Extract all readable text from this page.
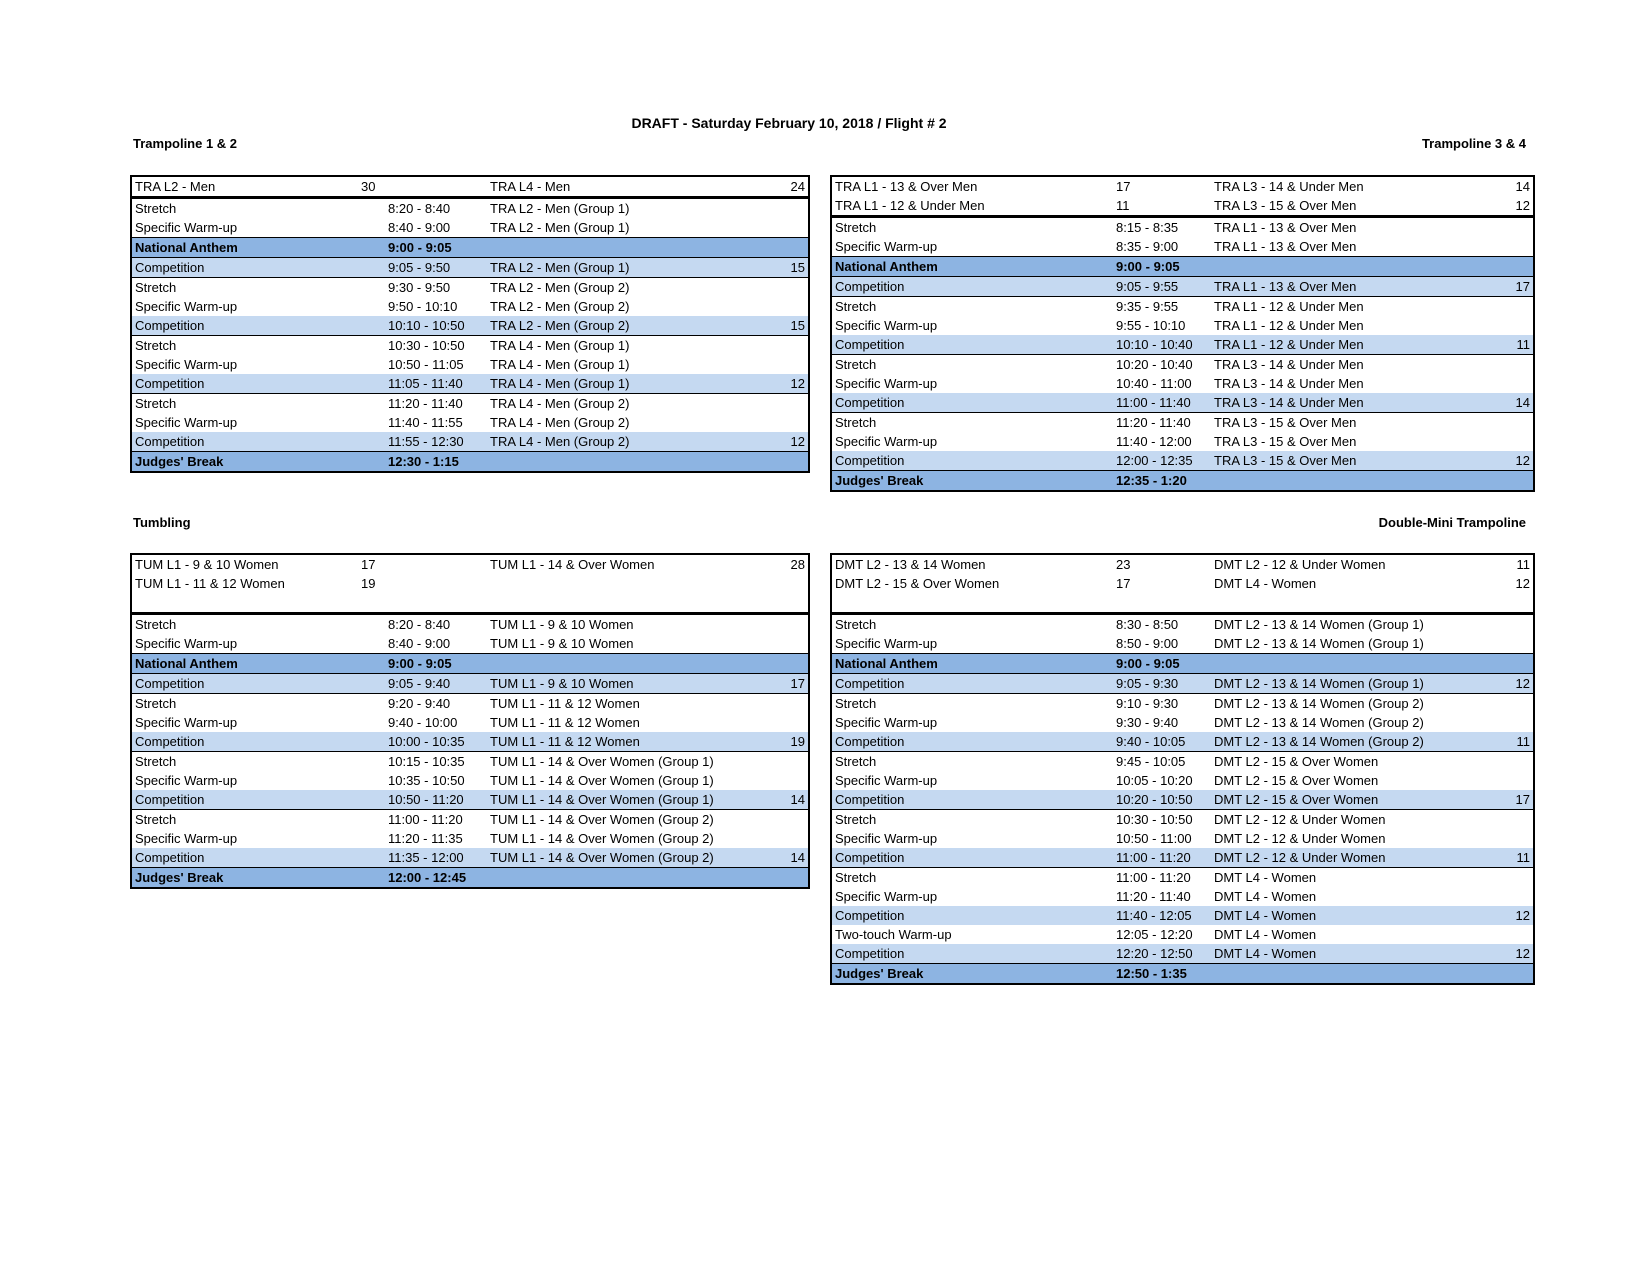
DRAFT - Saturday February 10, 2018 / Flight # 2
Trampoline 1 & 2	Trampoline 3 & 4
Tumbling	Double-Mini Trampoline
TRA L2 - Men	30	TRA L4 - Men	24
Stretch	8:20 - 8:40	TRA L2 - Men (Group 1)	
Specific Warm-up	8:40 - 9:00	TRA L2 - Men (Group 1)	
National Anthem	9:00 - 9:05		
Competition	9:05 - 9:50	TRA L2 - Men (Group 1)	15
Stretch	9:30 - 9:50	TRA L2 - Men (Group 2)	
Specific Warm-up	9:50 - 10:10	TRA L2 - Men (Group 2)	
Competition	10:10 - 10:50	TRA L2 - Men (Group 2)	15
Stretch	10:30 - 10:50	TRA L4 - Men (Group 1)	
Specific Warm-up	10:50 - 11:05	TRA L4 - Men (Group 1)	
Competition	11:05 - 11:40	TRA L4 - Men (Group 1)	12
Stretch	11:20 - 11:40	TRA L4 - Men (Group 2)	
Specific Warm-up	11:40 - 11:55	TRA L4 - Men (Group 2)	
Competition	11:55 - 12:30	TRA L4 - Men (Group 2)	12
Judges' Break	12:30 - 1:15		
TRA L1 - 13 & Over Men	17	TRA L3 - 14 & Under Men	14
TRA L1 - 12 & Under Men	11	TRA L3 - 15 & Over Men	12
Stretch	8:15 - 8:35	TRA L1 - 13 & Over Men	
Specific Warm-up	8:35 - 9:00	TRA L1 - 13 & Over Men	
National Anthem	9:00 - 9:05		
Competition	9:05 - 9:55	TRA L1 - 13 & Over Men	17
Stretch	9:35 - 9:55	TRA L1 - 12 & Under Men	
Specific Warm-up	9:55 - 10:10	TRA L1 - 12 & Under Men	
Competition	10:10 - 10:40	TRA L1 - 12 & Under Men	11
Stretch	10:20 - 10:40	TRA L3 - 14 & Under Men	
Specific Warm-up	10:40 - 11:00	TRA L3 - 14 & Under Men	
Competition	11:00 - 11:40	TRA L3 - 14 & Under Men	14
Stretch	11:20 - 11:40	TRA L3 - 15 & Over Men	
Specific Warm-up	11:40 - 12:00	TRA L3 - 15 & Over Men	
Competition	12:00 - 12:35	TRA L3 - 15 & Over Men	12
Judges' Break	12:35 - 1:20		
TUM L1 - 9 & 10 Women	17	TUM L1 - 14 & Over Women	28
TUM L1 - 11 & 12 Women	19		

Stretch	8:20 - 8:40	TUM L1 - 9 & 10 Women	
Specific Warm-up	8:40 - 9:00	TUM L1 - 9 & 10 Women	
National Anthem	9:00 - 9:05		
Competition	9:05 - 9:40	TUM L1 - 9 & 10 Women	17
Stretch	9:20 - 9:40	TUM L1 - 11 & 12 Women	
Specific Warm-up	9:40 - 10:00	TUM L1 - 11 & 12 Women	
Competition	10:00 - 10:35	TUM L1 - 11 & 12 Women	19
Stretch	10:15 - 10:35	TUM L1 - 14 & Over Women (Group 1)	
Specific Warm-up	10:35 - 10:50	TUM L1 - 14 & Over Women (Group 1)	
Competition	10:50 - 11:20	TUM L1 - 14 & Over Women (Group 1)	14
Stretch	11:00 - 11:20	TUM L1 - 14 & Over Women (Group 2)	
Specific Warm-up	11:20 - 11:35	TUM L1 - 14 & Over Women (Group 2)	
Competition	11:35 - 12:00	TUM L1 - 14 & Over Women (Group 2)	14
Judges' Break	12:00 - 12:45		
DMT L2 - 13 & 14 Women	23	DMT L2 - 12 & Under Women	11
DMT L2 - 15 & Over Women	17	DMT L4 - Women	12

Stretch	8:30 - 8:50	DMT L2 - 13 & 14 Women (Group 1)	
Specific Warm-up	8:50 - 9:00	DMT L2 - 13 & 14 Women (Group 1)	
National Anthem	9:00 - 9:05		
Competition	9:05 - 9:30	DMT L2 - 13 & 14 Women (Group 1)	12
Stretch	9:10 - 9:30	DMT L2 - 13 & 14 Women (Group 2)	
Specific Warm-up	9:30 - 9:40	DMT L2 - 13 & 14 Women (Group 2)	
Competition	9:40 - 10:05	DMT L2 - 13 & 14 Women (Group 2)	11
Stretch	9:45 - 10:05	DMT L2 - 15 & Over Women	
Specific Warm-up	10:05 - 10:20	DMT L2 - 15 & Over Women	
Competition	10:20 - 10:50	DMT L2 - 15 & Over Women	17
Stretch	10:30 - 10:50	DMT L2 - 12 & Under Women	
Specific Warm-up	10:50 - 11:00	DMT L2 - 12 & Under Women	
Competition	11:00 - 11:20	DMT L2 - 12 & Under Women	11
Stretch	11:00 - 11:20	DMT L4 - Women	
Specific Warm-up	11:20 - 11:40	DMT L4 - Women	
Competition	11:40 - 12:05	DMT L4 - Women	12
Two-touch Warm-up	12:05 - 12:20	DMT L4 - Women	
Competition	12:20 - 12:50	DMT L4 - Women	12
Judges' Break	12:50 - 1:35		
